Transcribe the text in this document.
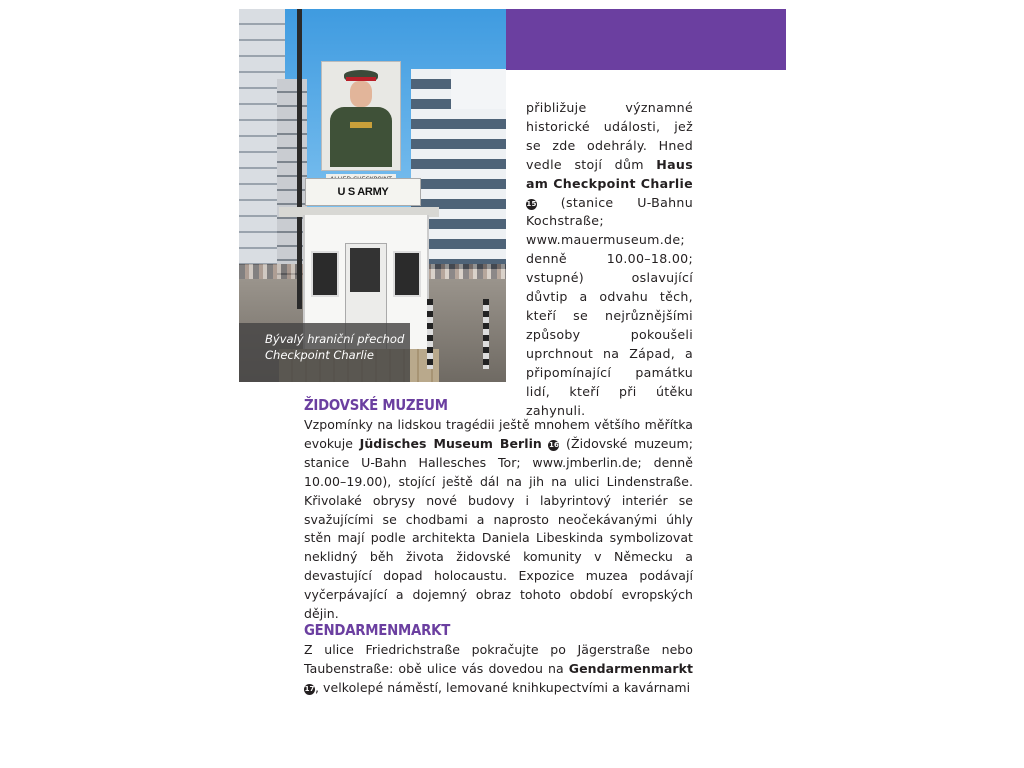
U S ARMY
Bývalý hraniční přechod
Checkpoint Charlie

přibližuje významné historické události, jež se zde odehrály. Hned vedle stojí dům Haus am Checkpoint Charlie 15 (stanice U-Bahnu Kochstraße; www.mauermuseum.de; denně 10.00–18.00; vstupné) oslavující důvtip a odvahu těch, kteří se nejrůznějšími způsoby pokoušeli uprchnout na Západ, a připomínající památku lidí, kteří při útěku zahynuli.

ŽIDOVSKÉ MUZEUM

Vzpomínky na lidskou tragédii ještě mnohem většího měřítka evokuje Jüdisches Museum Berlin 16 (Židovské muzeum; stanice U-Bahn Hallesches Tor; www.jmberlin.de; denně 10.00–19.00), stojící ještě dál na jih na ulici Lindenstraße. Křivolaké obrysy nové budovy i labyrintový interiér se svažujícími se chodbami a naprosto neočekávanými úhly stěn mají podle architekta Daniela Libeskinda symbolizovat neklidný běh života židovské komunity v Německu a devastující dopad holocaustu. Expozice muzea podávají vyčerpávající a dojemný obraz tohoto období evropských dějin.

GENDARMENMARKT

Z ulice Friedrichstraße pokračujte po Jägerstraße nebo Taubenstraße: obě ulice vás dovedou na Gendarmenmarkt 17, velkolepé náměstí, lemované knihkupectvími a kavárnami
